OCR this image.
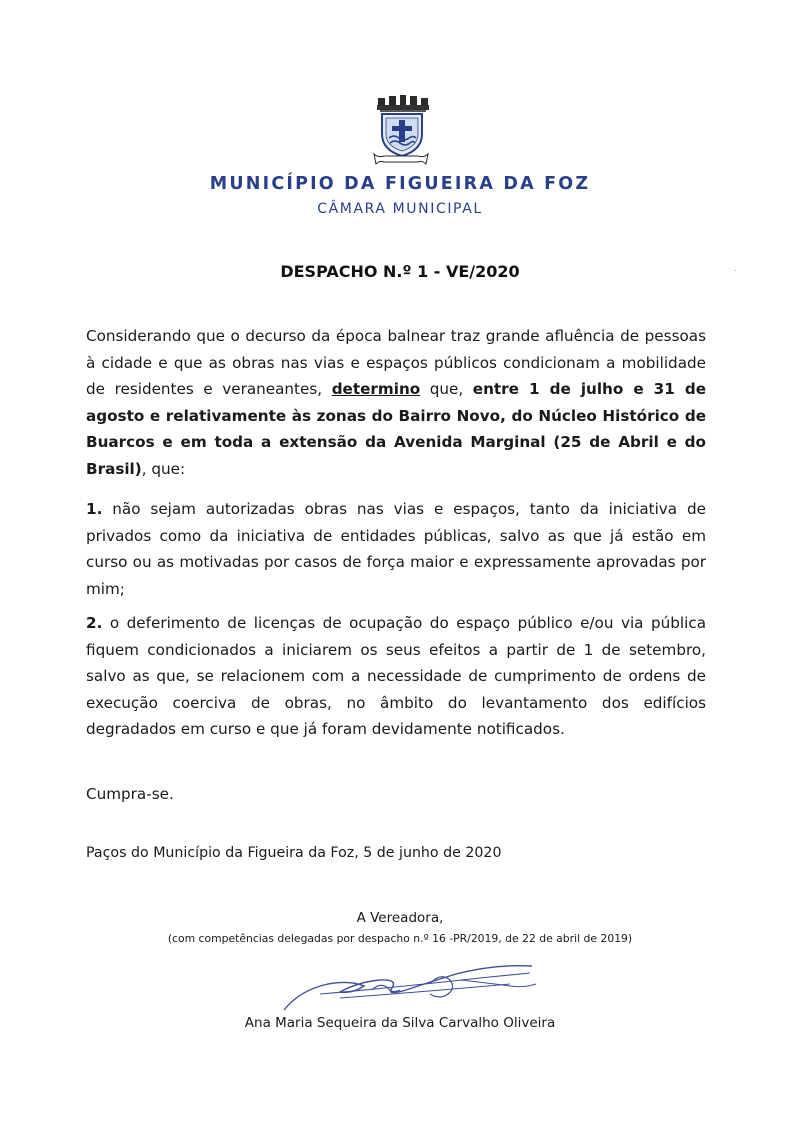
MUNICÍPIO DA FIGUEIRA DA FOZ
CÂMARA MUNICIPAL
DESPACHO N.º 1 - VE/2020	·
Considerando que o decurso da época balnear traz grande afluência de pessoas à cidade e que as obras nas vias e espaços públicos condicionam a mobilidade de residentes e veraneantes, determino que, entre 1 de julho e 31 de agosto e relativamente às zonas do Bairro Novo, do Núcleo Histórico de Buarcos e em toda a extensão da Avenida Marginal (25 de Abril e do Brasil), que:
1. não sejam autorizadas obras nas vias e espaços, tanto da iniciativa de privados como da iniciativa de entidades públicas, salvo as que já estão em curso ou as motivadas por casos de força maior e expressamente aprovadas por mim;
2. o deferimento de licenças de ocupação do espaço público e/ou via pública fiquem condicionados a iniciarem os seus efeitos a partir de 1 de setembro, salvo as que, se relacionem com a necessidade de cumprimento de ordens de execução coerciva de obras, no âmbito do levantamento dos edifícios degradados em curso e que já foram devidamente notificados.
Cumpra-se.
Paços do Município da Figueira da Foz, 5 de junho de 2020
A Vereadora,
(com competências delegadas por despacho n.º 16 -PR/2019, de 22 de abril de 2019)
Ana Maria Sequeira da Silva Carvalho Oliveira
